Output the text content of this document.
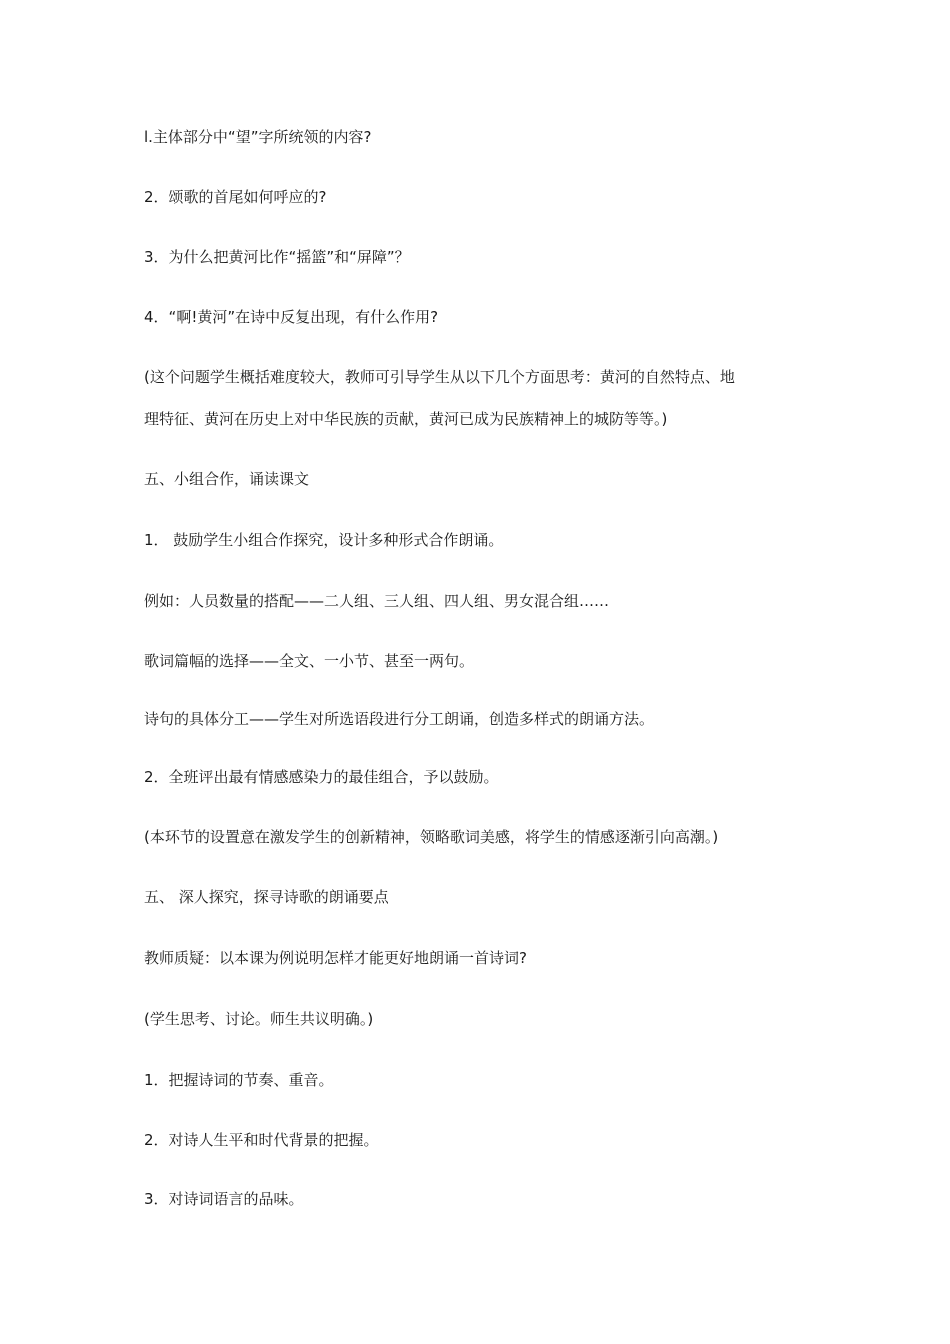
l.主体部分中“望”字所统领的内容?
2．颂歌的首尾如何呼应的?
3．为什么把黄河比作“摇篮”和“屏障”？
4．“啊!黄河”在诗中反复出现，有什么作用?
(这个问题学生概括难度较大，教师可引导学生从以下几个方面思考：黄河的自然特点、地
理特征、黄河在历史上对中华民族的贡献，黄河已成为民族精神上的城防等等。)
五、小组合作，诵读课文
1． 鼓励学生小组合作探究，设计多种形式合作朗诵。
例如：人员数量的搭配——二人组、三人组、四人组、男女混合组……
歌词篇幅的选择——全文、一小节、甚至一两句。
诗句的具体分工——学生对所选语段进行分工朗诵，创造多样式的朗诵方法。
2．全班评出最有情感感染力的最佳组合，予以鼓励。
(本环节的设置意在激发学生的创新精神，领略歌词美感，将学生的情感逐渐引向高潮。)
五、 深人探究，探寻诗歌的朗诵要点
教师质疑：以本课为例说明怎样才能更好地朗诵一首诗词?
(学生思考、讨论。师生共议明确。)
1．把握诗词的节奏、重音。
2．对诗人生平和时代背景的把握。
3．对诗词语言的品味。
